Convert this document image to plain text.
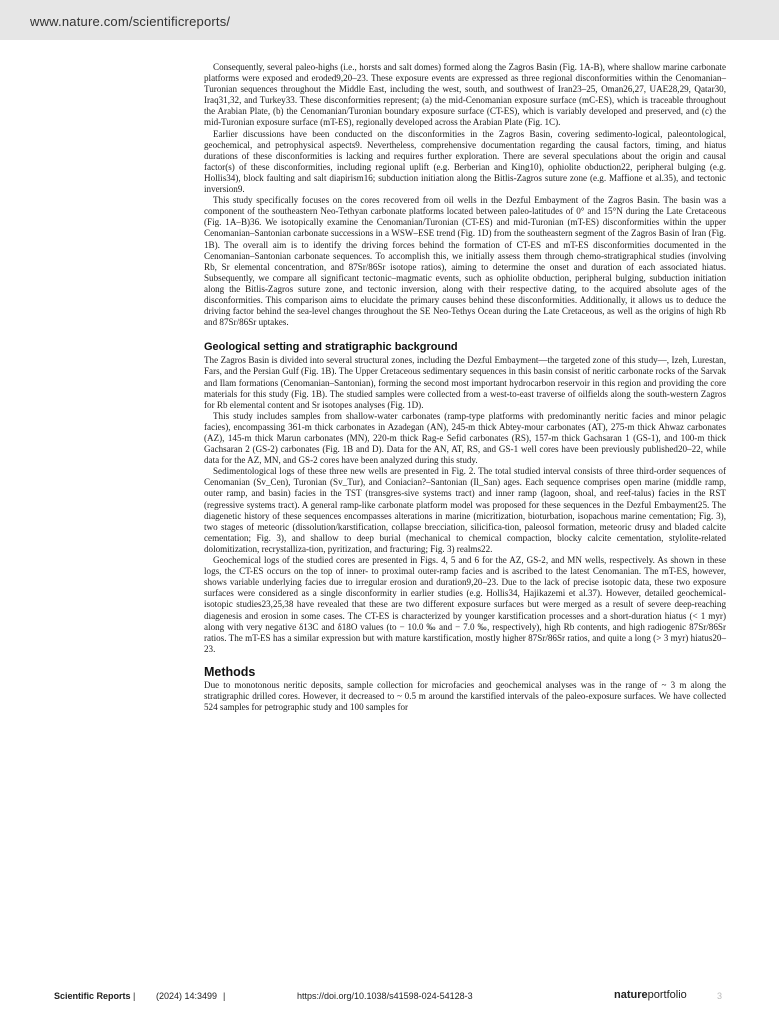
www.nature.com/scientificreports/

Consequently, several paleo-highs (i.e., horsts and salt domes) formed along the Zagros Basin (Fig. 1A-B), where shallow marine carbonate platforms were exposed and eroded9,20–23. These exposure events are expressed as three regional disconformities within the Cenomanian–Turonian sequences throughout the Middle East, including the west, south, and southwest of Iran23–25, Oman26,27, UAE28,29, Qatar30, Iraq31,32, and Turkey33. These disconformities represent; (a) the mid-Cenomanian exposure surface (mC-ES), which is traceable throughout the Arabian Plate, (b) the Cenomanian/Turonian boundary exposure surface (CT-ES), which is variably developed and preserved, and (c) the mid-Turonian exposure surface (mT-ES), regionally developed across the Arabian Plate (Fig. 1C).

Earlier discussions have been conducted on the disconformities in the Zagros Basin, covering sedimento-logical, paleontological, geochemical, and petrophysical aspects9. Nevertheless, comprehensive documentation regarding the causal factors, timing, and hiatus durations of these disconformities is lacking and requires further exploration. There are several speculations about the origin and causal factor(s) of these disconformities, including regional uplift (e.g. Berberian and King10), ophiolite obduction22, peripheral bulging (e.g. Hollis34), block faulting and salt diapirism16; subduction initiation along the Bitlis-Zagros suture zone (e.g. Maffione et al.35), and tectonic inversion9.

This study specifically focuses on the cores recovered from oil wells in the Dezful Embayment of the Zagros Basin. The basin was a component of the southeastern Neo-Tethyan carbonate platforms located between paleo-latitudes of 0° and 15°N during the Late Cretaceous (Fig. 1A–B)36. We isotopically examine the Cenomanian/Turonian (CT-ES) and mid-Turonian (mT-ES) disconformities within the upper Cenomanian–Santonian carbonate successions in a WSW–ESE trend (Fig. 1D) from the southeastern segment of the Zagros Basin of Iran (Fig. 1B). The overall aim is to identify the driving forces behind the formation of CT-ES and mT-ES disconformities documented in the Cenomanian–Santonian carbonate sequences. To accomplish this, we initially assess them through chemo-stratigraphical studies (involving Rb, Sr elemental concentration, and 87Sr/86Sr isotope ratios), aiming to determine the onset and duration of each associated hiatus. Subsequently, we compare all significant tectonic–magmatic events, such as ophiolite obduction, peripheral bulging, subduction initiation along the Bitlis-Zagros suture zone, and tectonic inversion, along with their respective dating, to the acquired absolute ages of the disconformities. This comparison aims to elucidate the primary causes behind these disconformities. Additionally, it allows us to deduce the driving factor behind the sea-level changes throughout the SE Neo-Tethys Ocean during the Late Cretaceous, as well as the origins of high Rb and 87Sr/86Sr uptakes.

Geological setting and stratigraphic background

The Zagros Basin is divided into several structural zones, including the Dezful Embayment—the targeted zone of this study—, Izeh, Lurestan, Fars, and the Persian Gulf (Fig. 1B). The Upper Cretaceous sedimentary sequences in this basin consist of neritic carbonate rocks of the Sarvak and Ilam formations (Cenomanian–Santonian), forming the second most important hydrocarbon reservoir in this region and providing the core materials for this study (Fig. 1B). The studied samples were collected from a west-to-east traverse of oilfields along the south-western Zagros for Rb elemental content and Sr isotopes analyses (Fig. 1D).

This study includes samples from shallow-water carbonates (ramp-type platforms with predominantly neritic facies and minor pelagic facies), encompassing 361-m thick carbonates in Azadegan (AN), 245-m thick Abtey-mour carbonates (AT), 275-m thick Ahwaz carbonates (AZ), 145-m thick Marun carbonates (MN), 220-m thick Rag-e Sefid carbonates (RS), 157-m thick Gachsaran 1 (GS-1), and 100-m thick Gachsaran 2 (GS-2) carbonates (Fig. 1B and D). Data for the AN, AT, RS, and GS-1 well cores have been previously published20–22, while data for the AZ, MN, and GS-2 cores have been analyzed during this study.

Sedimentological logs of these three new wells are presented in Fig. 2. The total studied interval consists of three third-order sequences of Cenomanian (Sv_Cen), Turonian (Sv_Tur), and Coniacian?–Santonian (Il_San) ages. Each sequence comprises open marine (middle ramp, outer ramp, and basin) facies in the TST (transgres-sive systems tract) and inner ramp (lagoon, shoal, and reef-talus) facies in the RST (regressive systems tract). A general ramp-like carbonate platform model was proposed for these sequences in the Dezful Embayment25. The diagenetic history of these sequences encompasses alterations in marine (micritization, bioturbation, isopachous marine cementation; Fig. 3), two stages of meteoric (dissolution/karstification, collapse brecciation, silicifica-tion, paleosol formation, meteoric drusy and bladed calcite cementation; Fig. 3), and shallow to deep burial (mechanical to chemical compaction, blocky calcite cementation, stylolite-related dolomitization, recrystalliza-tion, pyritization, and fracturing; Fig. 3) realms22.

Geochemical logs of the studied cores are presented in Figs. 4, 5 and 6 for the AZ, GS-2, and MN wells, respectively. As shown in these logs, the CT-ES occurs on the top of inner- to proximal outer-ramp facies and is ascribed to the latest Cenomanian. The mT-ES, however, shows variable underlying facies due to irregular erosion and duration9,20–23. Due to the lack of precise isotopic data, these two exposure surfaces were considered as a single disconformity in earlier studies (e.g. Hollis34, Hajikazemi et al.37). However, detailed geochemical-isotopic studies23,25,38 have revealed that these are two different exposure surfaces but were merged as a result of severe deep-reaching diagenesis and erosion in some cases. The CT-ES is characterized by younger karstification processes and a short-duration hiatus (< 1 myr) along with very negative δ13C and δ18O values (to − 10.0 ‰ and − 7.0 ‰, respectively), high Rb contents, and high radiogenic 87Sr/86Sr ratios. The mT-ES has a similar expression but with mature karstification, mostly higher 87Sr/86Sr ratios, and quite a long (> 3 myr) hiatus20–23.

Methods

Due to monotonous neritic deposits, sample collection for microfacies and geochemical analyses was in the range of ~ 3 m along the stratigraphic drilled cores. However, it decreased to ~ 0.5 m around the karstified intervals of the paleo-exposure surfaces. We have collected 524 samples for petrographic study and 100 samples for

Scientific Reports | (2024) 14:3499 |	https://doi.org/10.1038/s41598-024-54128-3	natureportfolio	3
